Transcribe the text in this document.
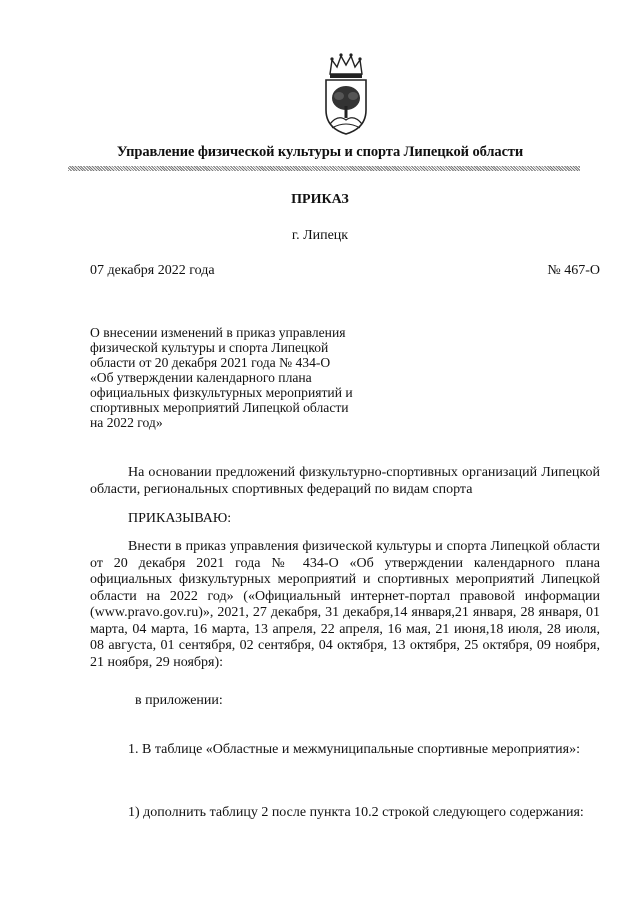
Управление физической культуры и спорта Липецкой области
ПРИКАЗ
г. Липецк
07 декабря 2022 года	№ 467-О
О внесении изменений в приказ управления
физической культуры и спорта Липецкой
области от 20 декабря 2021 года № 434-О
«Об утверждении календарного плана
официальных физкультурных мероприятий и
спортивных мероприятий Липецкой области
на 2022 год»
На основании предложений физкультурно-спортивных организаций Липецкой области, региональных спортивных федераций по видам спорта
ПРИКАЗЫВАЮ:
Внести в приказ управления физической культуры и спорта Липецкой области от 20 декабря 2021 года № 434-О «Об утверждении календарного плана официальных физкультурных мероприятий и спортивных мероприятий Липецкой области на 2022 год» («Официальный интернет-портал правовой информации (www.pravo.gov.ru)», 2021, 27 декабря, 31 декабря,14 января,21 января, 28 января, 01 марта, 04 марта, 16 марта, 13 апреля, 22 апреля, 16 мая, 21 июня,18 июля, 28 июля, 08 августа, 01 сентября, 02 сентября, 04 октября, 13 октября, 25 октября, 09 ноября, 21 ноября, 29 ноября):
в приложении:
1. В таблице «Областные и межмуниципальные спортивные мероприятия»:
1) дополнить таблицу 2 после пункта 10.2 строкой следующего содержания:
